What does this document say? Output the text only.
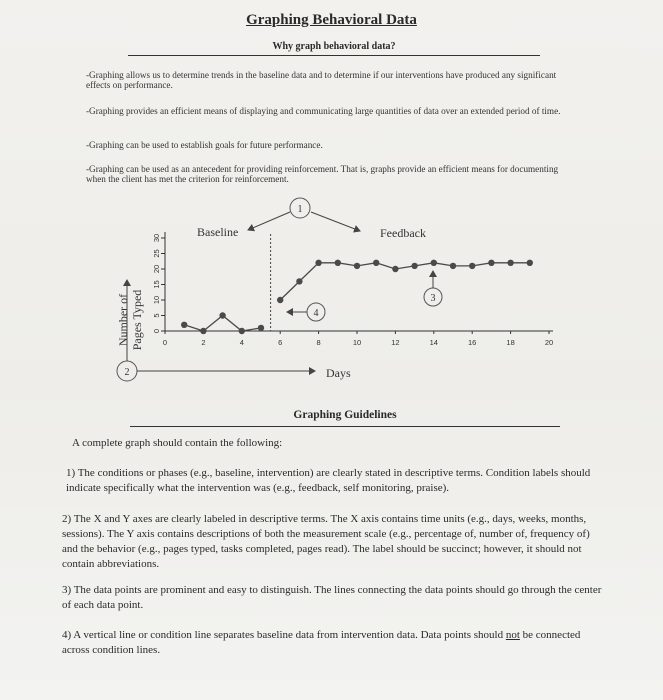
Graphing Behavioral Data
Why graph behavioral data?
-Graphing allows us to determine trends in the baseline data and to determine if our interventions have produced any significant effects on performance.
-Graphing provides an efficient means of displaying and communicating large quantities of data over an extended period of time.
-Graphing can be used to establish goals for future performance.
-Graphing can be used as an antecedent for providing reinforcement. That is, graphs provide an efficient means for documenting when the client has met the criterion for reinforcement.
0
5
10
15
20
25
30
0	2	4	6	8	10	12	14	16	18	20
Number of Pages Typed
Days
Baseline	Feedback
1
2
3
4
Graphing Guidelines
A complete graph should contain the following:
1) The conditions or phases (e.g., baseline, intervention) are clearly stated in descriptive terms. Condition labels should indicate specifically what the intervention was (e.g., feedback, self monitoring, praise).
2) The X and Y axes are clearly labeled in descriptive terms. The X axis contains time units (e.g., days, weeks, months, sessions). The Y axis contains descriptions of both the measurement scale (e.g., percentage of, number of, frequency of) and the behavior (e.g., pages typed, tasks completed, pages read). The label should be succinct; however, it should not contain abbreviations.
3) The data points are prominent and easy to distinguish. The lines connecting the data points should go through the center of each data point.
4) A vertical line or condition line separates baseline data from intervention data. Data points should not be connected across condition lines.
